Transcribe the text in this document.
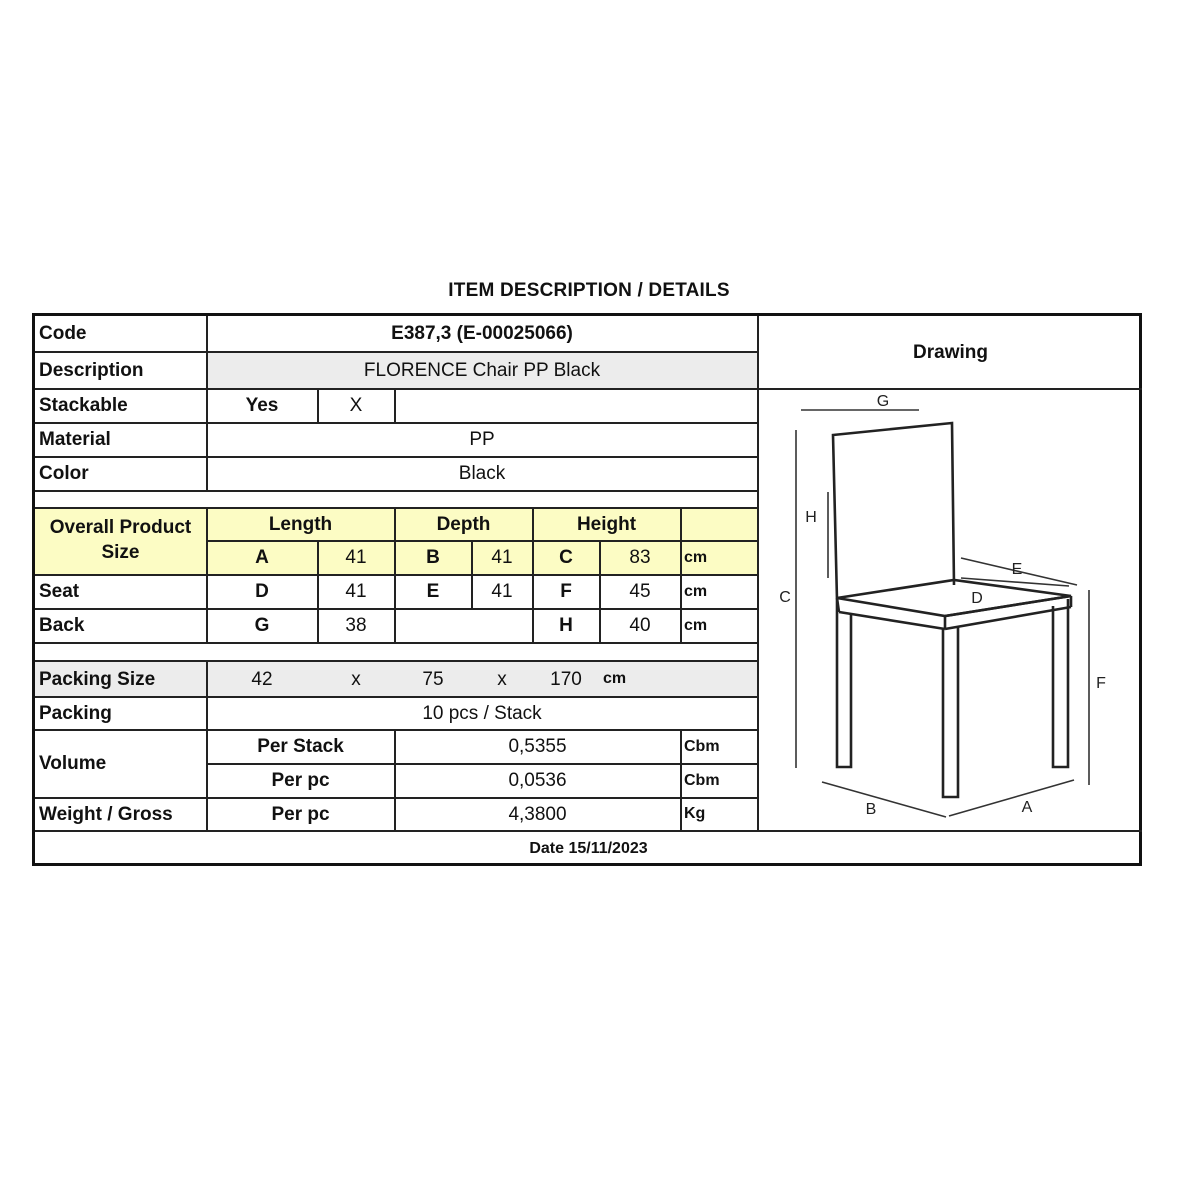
ITEM DESCRIPTION / DETAILS
Code	E387,3 (E-00025066)
Description	FLORENCE Chair PP Black
Drawing
Stackable	Yes	X
Material	PP
Color	Black
Overall Product Size
Length	Depth	Height
A	41	B	41	C	83	cm
Seat	D	41	E	41	F	45	cm
Back	G	38	H	40	cm
Packing Size	42	x	75	x	170	cm
Packing	10 pcs / Stack
Volume
Per Stack	0,5355	Cbm
Per pc	0,0536	Cbm
Weight / Gross	Per pc	4,3800	Kg
Date 15/11/2023
G
H
C
E
D
F
B	A
